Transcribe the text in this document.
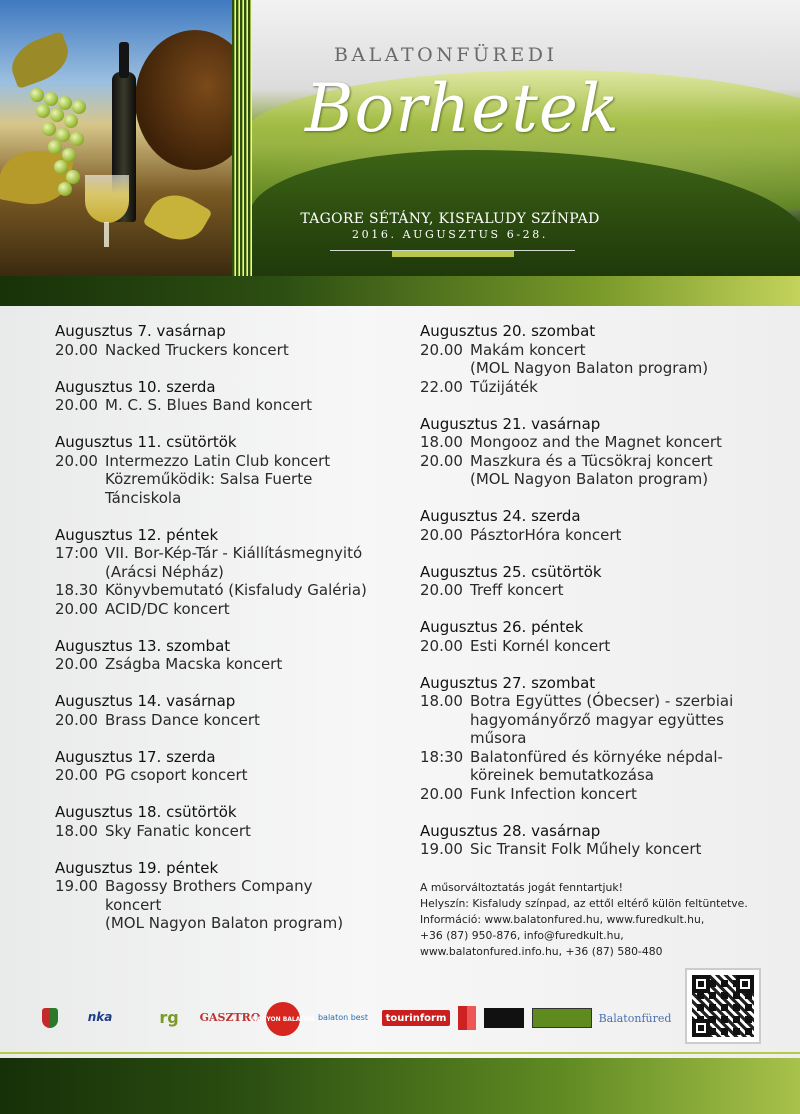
BALATONFÜREDI
Borhetek
TAGORE SÉTÁNY, KISFALUDY SZÍNPAD
2016. AUGUSZTUS 6-28.
Augusztus 7. vasárnap
20.00 Nacked Truckers koncert
Augusztus 10. szerda
20.00 M. C. S. Blues Band koncert
Augusztus 11. csütörtök
20.00 Intermezzo Latin Club koncert
Közreműködik: Salsa Fuerte
Tánciskola
Augusztus 12. péntek
17:00 VII. Bor-Kép-Tár - Kiállításmegnyitó
(Arácsi Népház)
18.30 Könyvbemutató (Kisfaludy Galéria)
20.00 ACID/DC koncert
Augusztus 13. szombat
20.00 Zságba Macska koncert
Augusztus 14. vasárnap
20.00 Brass Dance koncert
Augusztus 17. szerda
20.00 PG csoport koncert
Augusztus 18. csütörtök
18.00 Sky Fanatic koncert
Augusztus 19. péntek
19.00 Bagossy Brothers Company
koncert
(MOL Nagyon Balaton program)
Augusztus 20. szombat
20.00 Makám koncert
(MOL Nagyon Balaton program)
22.00 Tűzijáték
Augusztus 21. vasárnap
18.00 Mongooz and the Magnet koncert
20.00 Maszkura és a Tücsökraj koncert
(MOL Nagyon Balaton program)
Augusztus 24. szerda
20.00 PásztorHóra koncert
Augusztus 25. csütörtök
20.00 Treff koncert
Augusztus 26. péntek
20.00 Esti Kornél koncert
Augusztus 27. szombat
18.00 Botra Együttes (Óbecser) - szerbiai
hagyományőrző magyar együttes
műsora
18:30 Balatonfüred és környéke népdal-
köreinek bemutatkozása
20.00 Funk Infection koncert
Augusztus 28. vasárnap
19.00 Sic Transit Folk Műhely koncert
A műsorváltoztatás jogát fenntartjuk!
Helyszín: Kisfaludy színpad, az ettől eltérő külön feltüntetve.
Információ: www.balatonfured.hu, www.furedkult.hu,
+36 (87) 950-876, info@furedkult.hu,
www.balatonfured.info.hu, +36 (87) 580-480
nka	rg	GASZTRO
NAGYON BALATON balaton best	tourinform	Balatonfüred
